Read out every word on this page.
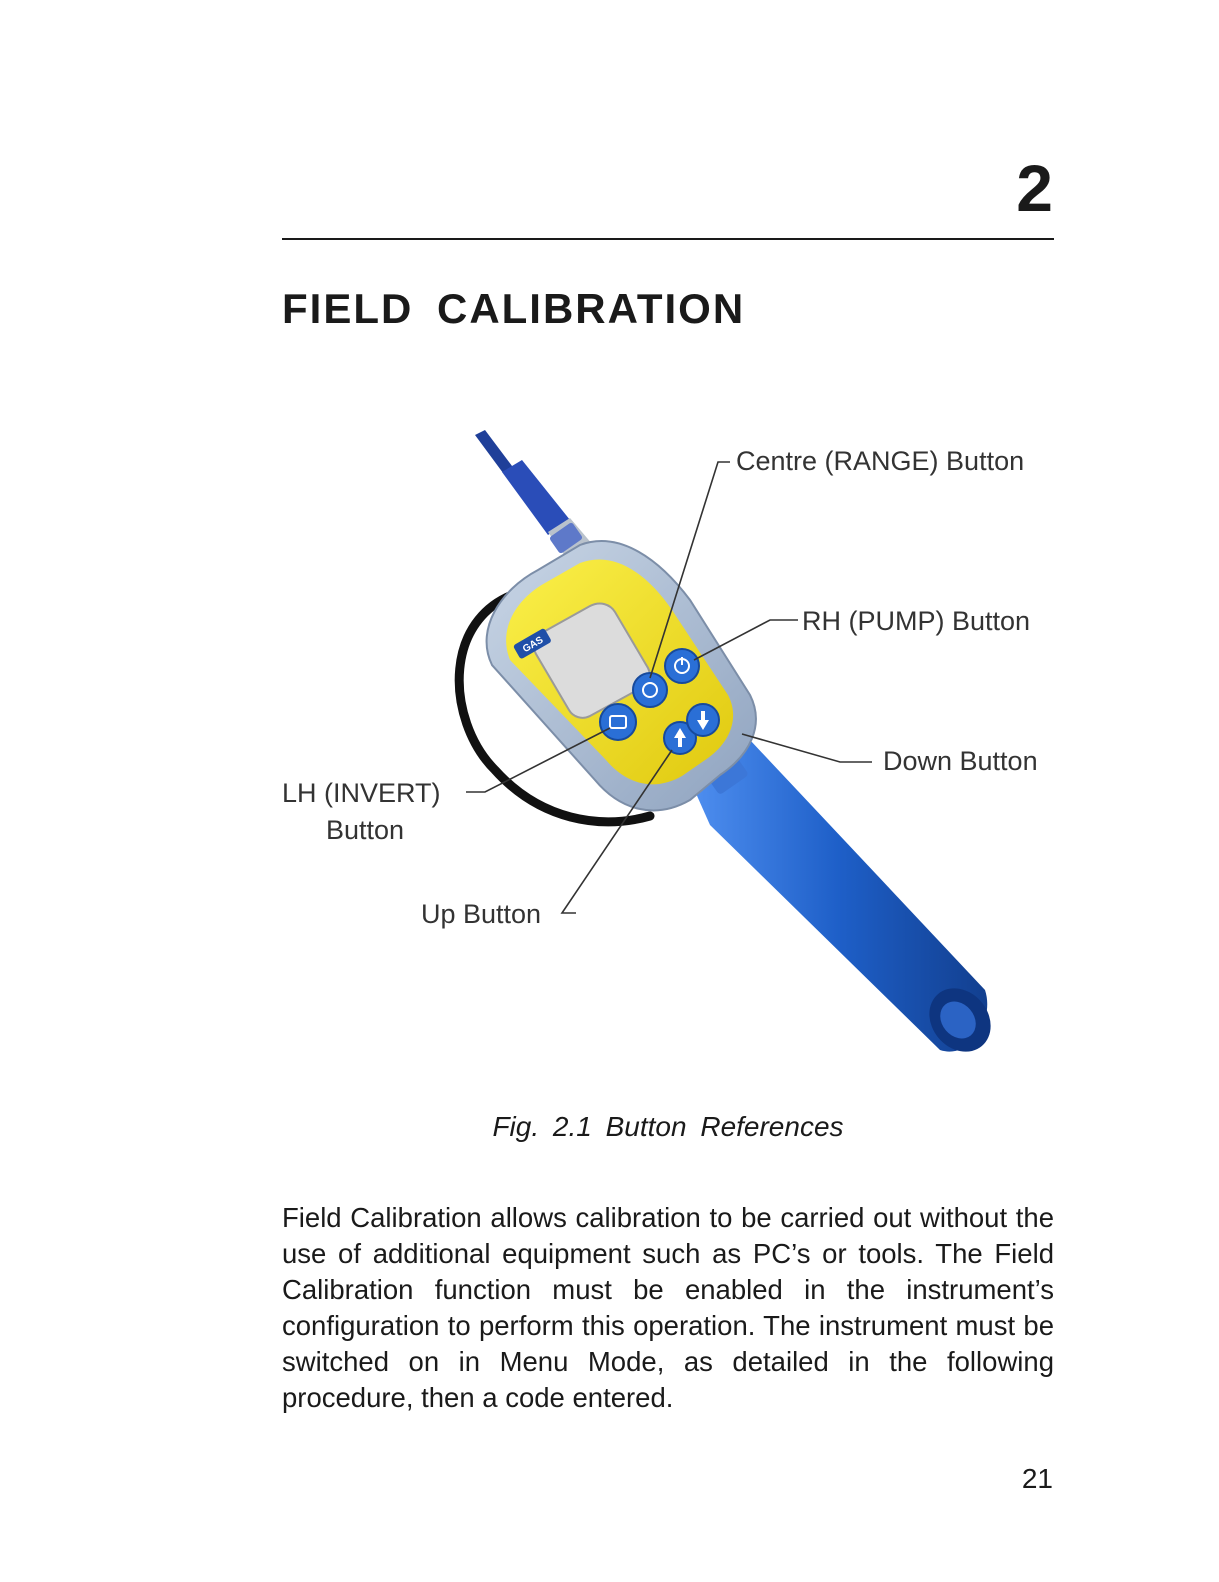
2
FIELD CALIBRATION
GAS
Centre (RANGE) Button
RH (PUMP) Button
Down Button
LH (INVERT)
Button
Up Button
Fig. 2.1 Button References

Field Calibration allows calibration to be carried out without the use of additional equipment such as PC’s or tools. The Field Calibration function must be enabled in the instrument’s configuration to perform this operation. The instrument must be switched on in Menu Mode, as detailed in the following procedure, then a code entered.

21
